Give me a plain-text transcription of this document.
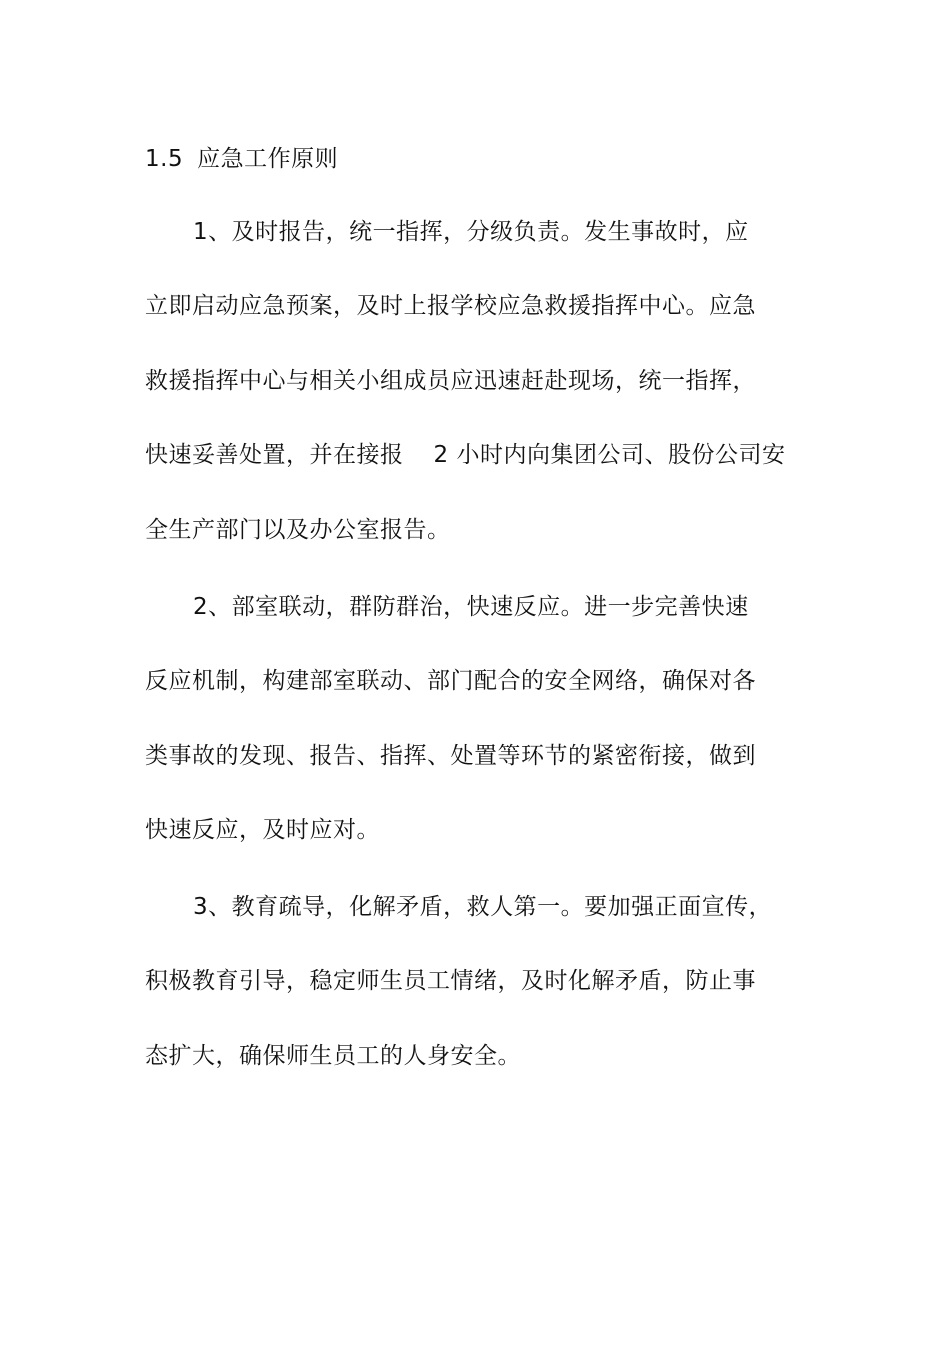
1.5 应急工作原则
1、及时报告，统一指挥，分级负责。发生事故时，应
立即启动应急预案，及时上报学校应急救援指挥中心。应急
救援指挥中心与相关小组成员应迅速赶赴现场，统一指挥，
快速妥善处置，并在接报 2 小时内向集团公司、股份公司安
全生产部门以及办公室报告。
2、部室联动，群防群治，快速反应。进一步完善快速
反应机制，构建部室联动、部门配合的安全网络，确保对各
类事故的发现、报告、指挥、处置等环节的紧密衔接，做到
快速反应，及时应对。
3、教育疏导，化解矛盾，救人第一。要加强正面宣传，
积极教育引导，稳定师生员工情绪，及时化解矛盾，防止事
态扩大，确保师生员工的人身安全。
